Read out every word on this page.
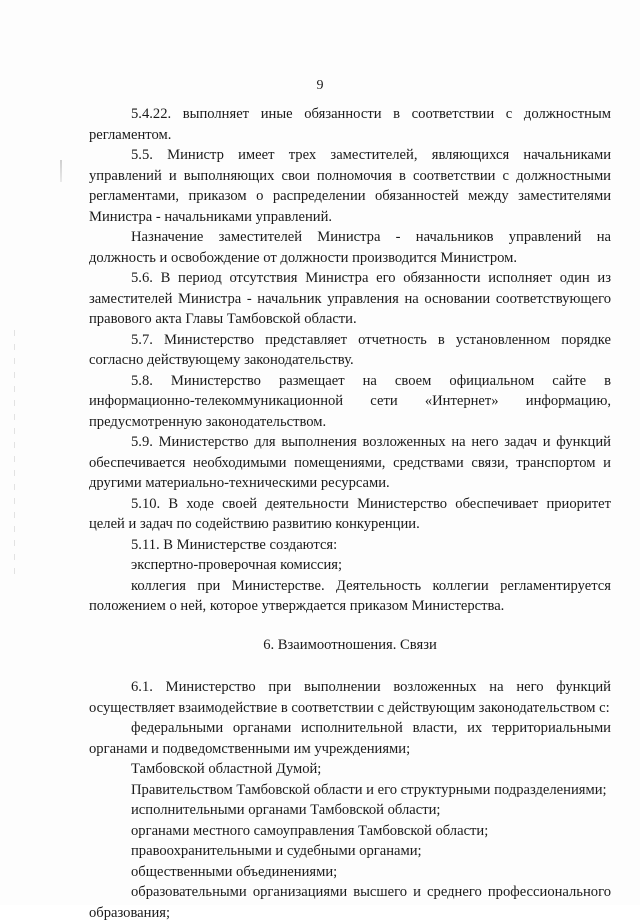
9

5.4.22. выполняет иные обязанности в соответствии с должностным регламентом.

5.5. Министр имеет трех заместителей, являющихся начальниками управлений и выполняющих свои полномочия в соответствии с должностными регламентами, приказом о распределении обязанностей между заместителями Министра - начальниками управлений.

Назначение заместителей Министра - начальников управлений на должность и освобождение от должности производится Министром.

5.6. В период отсутствия Министра его обязанности исполняет один из заместителей Министра - начальник управления на основании соответствующего правового акта Главы Тамбовской области.

5.7. Министерство представляет отчетность в установленном порядке согласно действующему законодательству.

5.8. Министерство размещает на своем официальном сайте в информационно-телекоммуникационной сети «Интернет» информацию, предусмотренную законодательством.

5.9. Министерство для выполнения возложенных на него задач и функций обеспечивается необходимыми помещениями, средствами связи, транспортом и другими материально-техническими ресурсами.

5.10. В ходе своей деятельности Министерство обеспечивает приоритет целей и задач по содействию развитию конкуренции.

5.11. В Министерстве создаются:

экспертно-проверочная комиссия;

коллегия при Министерстве. Деятельность коллегии регламентируется положением о ней, которое утверждается приказом Министерства.

6. Взаимоотношения. Связи

6.1. Министерство при выполнении возложенных на него функций осуществляет взаимодействие в соответствии с действующим законодательством с:

федеральными органами исполнительной власти, их территориальными органами и подведомственными им учреждениями;

Тамбовской областной Думой;

Правительством Тамбовской области и его структурными подразделениями;

исполнительными органами Тамбовской области;

органами местного самоуправления Тамбовской области;

правоохранительными и судебными органами;

общественными объединениями;

образовательными организациями высшего и среднего профессионального образования;
